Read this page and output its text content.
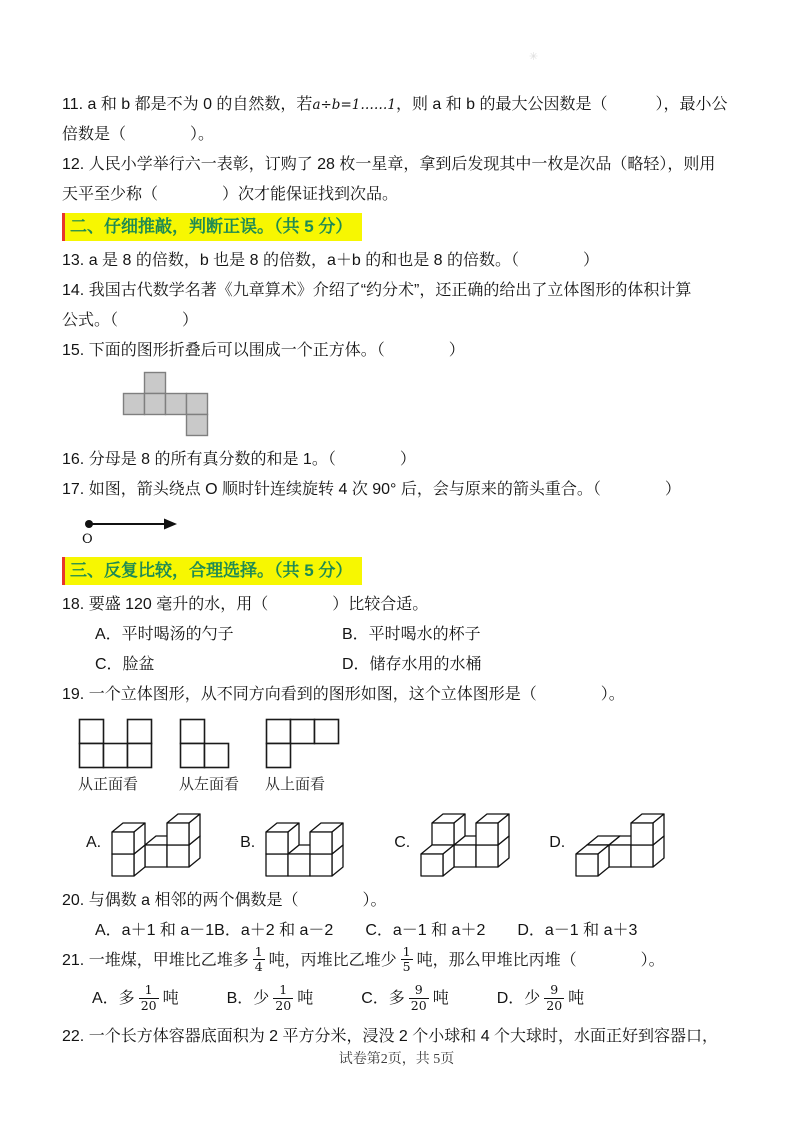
✳

11. a 和 b 都是不为 0 的自然数，若a÷b=1……1，则 a 和 b 的最大公因数是（　　　），最小公

倍数是（　　　　）。

12. 人民小学举行六一表彰，订购了 28 枚一星章，拿到后发现其中一枚是次品（略轻），则用

天平至少称（　　　　）次才能保证找到次品。

二、仔细推敲，判断正误。（共 5 分）

13. a 是 8 的倍数，b 也是 8 的倍数，a＋b 的和也是 8 的倍数。（　　　　）

14. 我国古代数学名著《九章算术》介绍了“约分术”，还正确的给出了立体图形的体积计算

公式。（　　　　）

15. 下面的图形折叠后可以围成一个正方体。（　　　　）

16. 分母是 8 的所有真分数的和是 1。（　　　　）

17. 如图，箭头绕点 O 顺时针连续旋转 4 次 90° 后，会与原来的箭头重合。（　　　　）

O

三、反复比较，合理选择。（共 5 分）

18. 要盛 120 毫升的水，用（　　　　）比较合适。

A．平时喝汤的勺子	B．平时喝水的杯子

C．脸盆	D．储存水用的水桶

19. 一个立体图形，从不同方向看到的图形如图，这个立体图形是（　　　　）。

从正面看	从左面看 从上面看
A.	B.	C.	D.

20. 与偶数 a 相邻的两个偶数是（　　　　）。

A．a＋1 和 a－1B．a＋2 和 a－2　　C．a－1 和 a＋2　　D．a－1 和 a＋3

21. 一堆煤，甲堆比乙堆多 $\frac{1}{4}$ 吨，丙堆比乙堆少 $\frac{1}{5}$ 吨，那么甲堆比丙堆（　　　　）。

A．多 $\frac{1}{20}$ 吨	B．少 $\frac{1}{20}$ 吨	C．多 $\frac{9}{20}$ 吨	D．少 $\frac{9}{20}$ 吨

22. 一个长方体容器底面积为 2 平方分米，浸没 2 个小球和 4 个大球时，水面正好到容器口，

试卷第2页，共 5页
